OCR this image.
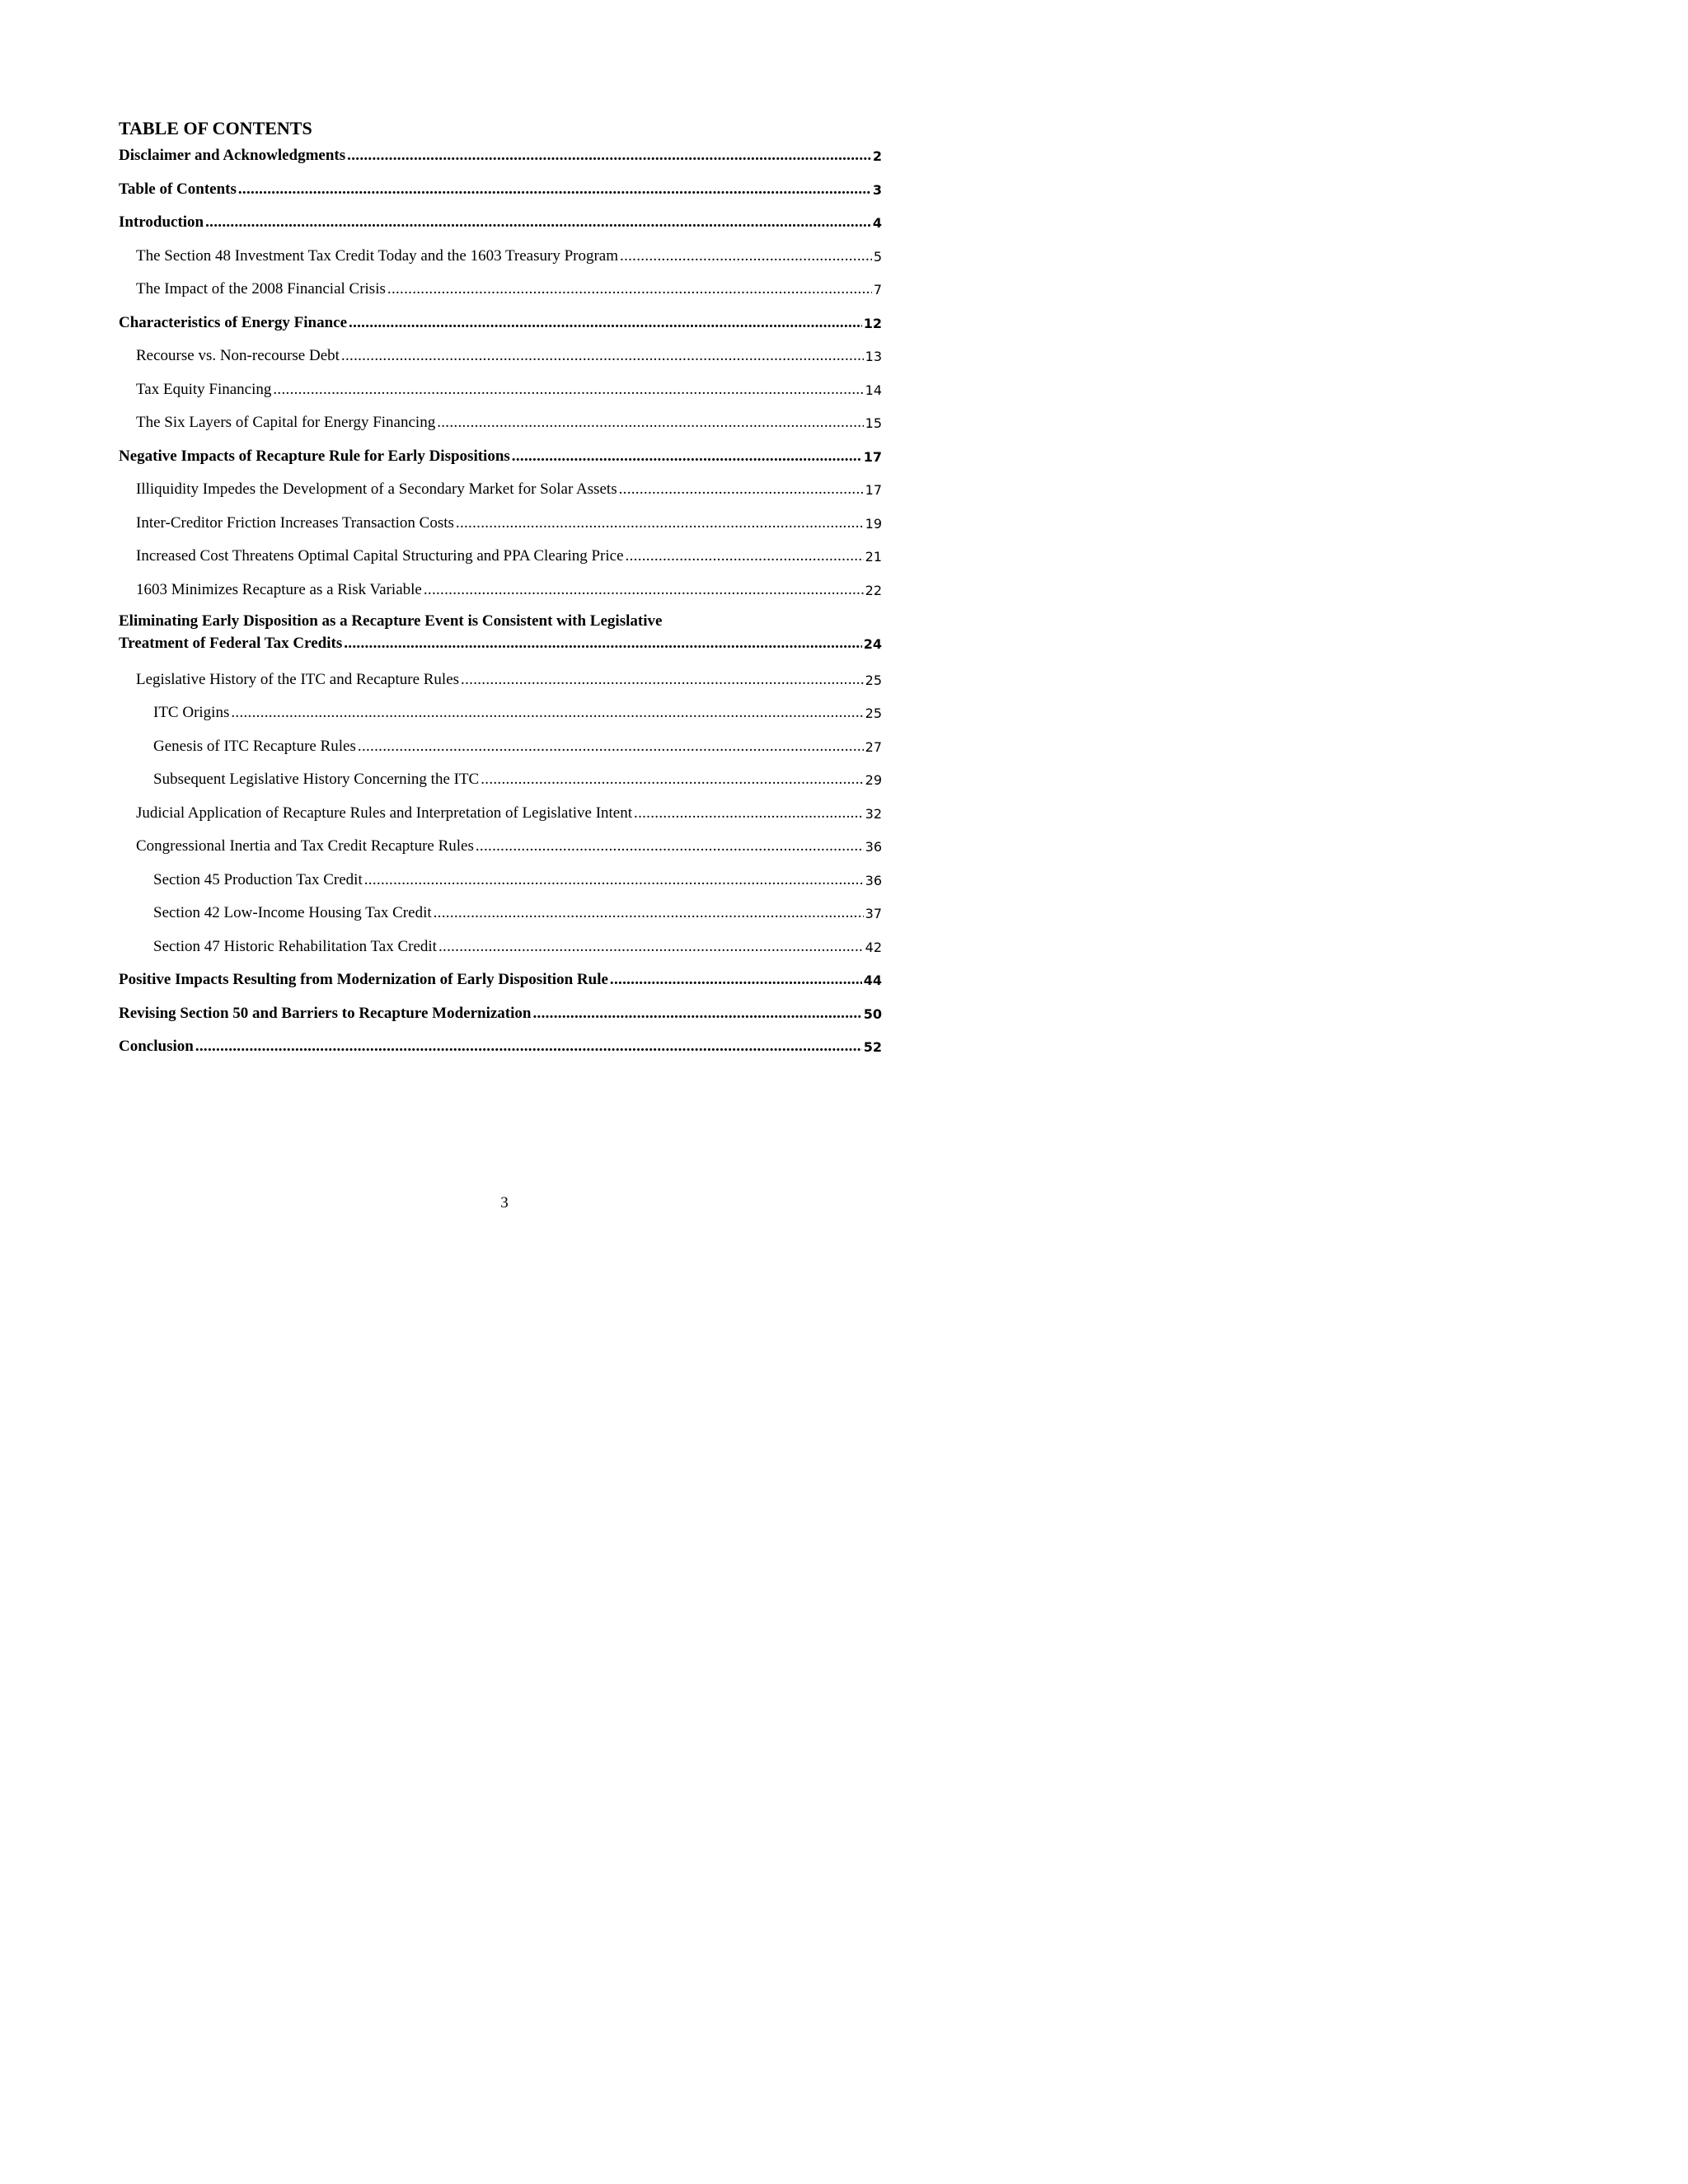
TABLE OF CONTENTS
Disclaimer and Acknowledgments .....	2
Table of Contents .....	3
Introduction .....	4
The Section 48 Investment Tax Credit Today and the 1603 Treasury Program .....	5
The Impact of the 2008 Financial Crisis .....	7
Characteristics of Energy Finance .....	12
Recourse vs. Non-recourse Debt .....	13
Tax Equity Financing .....	14
The Six Layers of Capital for Energy Financing .....	15
Negative Impacts of Recapture Rule for Early Dispositions .....	17
Illiquidity Impedes the Development of a Secondary Market for Solar Assets .....	17
Inter-Creditor Friction Increases Transaction Costs .....	19
Increased Cost Threatens Optimal Capital Structuring and PPA Clearing Price .....	21
1603 Minimizes Recapture as a Risk Variable .....	22
Eliminating Early Disposition as a Recapture Event is Consistent with Legislative
Treatment of Federal Tax Credits .....	24
Legislative History of the ITC and Recapture Rules .....	25
ITC Origins .....	25
Genesis of ITC Recapture Rules .....	27
Subsequent Legislative History Concerning the ITC .....	29
Judicial Application of Recapture Rules and Interpretation of Legislative Intent .....	32
Congressional Inertia and Tax Credit Recapture Rules .....	36
Section 45 Production Tax Credit .....	36
Section 42 Low-Income Housing Tax Credit .....	37
Section 47 Historic Rehabilitation Tax Credit .....	42
Positive Impacts Resulting from Modernization of Early Disposition Rule .....	44
Revising Section 50 and Barriers to Recapture Modernization .....	50
Conclusion .....	52
3
